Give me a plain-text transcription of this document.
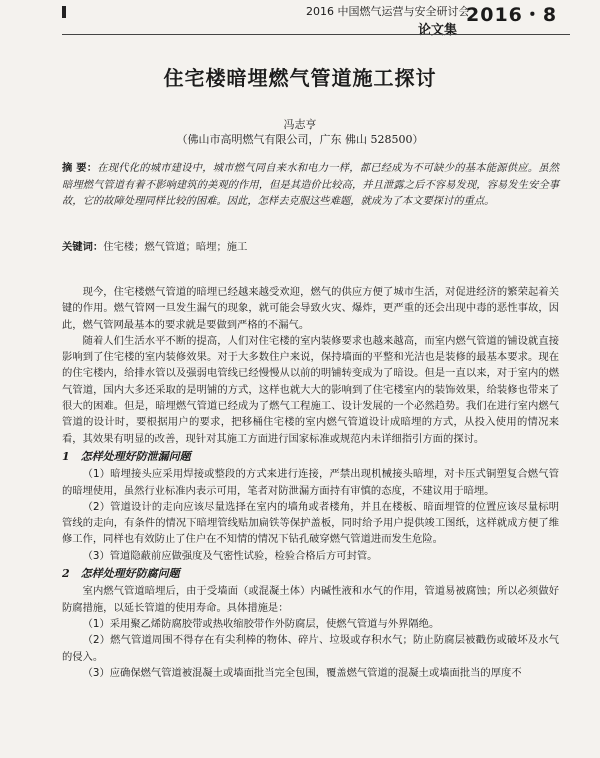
2016 中国燃气运营与安全研讨会
2016・8
论文集
住宅楼暗埋燃气管道施工探讨
冯志亨
（佛山市高明燃气有限公司，广东 佛山 528500）
摘 要：在现代化的城市建设中，城市燃气同自来水和电力一样，都已经成为不可缺少的基本能源供应。虽然暗埋燃气管道有着不影响建筑的美观的作用，但是其造价比较高，并且泄露之后不容易发现，容易发生安全事故，它的故障处理同样比较的困难。因此，怎样去克服这些难题，就成为了本文要探讨的重点。
关键词：住宅楼；燃气管道；暗埋；施工

现今，住宅楼燃气管道的暗埋已经越来越受欢迎，燃气的供应方便了城市生活，对促进经济的繁荣起着关键的作用。燃气管网一旦发生漏气的现象，就可能会导致火灾、爆炸，更严重的还会出现中毒的恶性事故，因此，燃气管网最基本的要求就是要做到严格的不漏气。

随着人们生活水平不断的提高，人们对住宅楼的室内装修要求也越来越高，而室内燃气管道的铺设就直接影响到了住宅楼的室内装修效果。对于大多数住户来说，保持墙面的平整和光洁也是装修的最基本要求。现在的住宅楼内，给排水管以及强弱电管线已经慢慢从以前的明铺转变成为了暗设。但是一直以来，对于室内的燃气管道，国内大多还采取的是明铺的方式，这样也就大大的影响到了住宅楼室内的装饰效果，给装修也带来了很大的困难。但是，暗埋燃气管道已经成为了燃气工程施工、设计发展的一个必然趋势。我们在进行室内燃气管道的设计时，要根据用户的要求，把移桶住宅楼的室内燃气管道设计成暗埋的方式，从投入使用的情况来看，其效果有明显的改善，现针对其施工方面进行国家标准或规范内未详细指引方面的探讨。

1　怎样处理好防泄漏问题

（1）暗埋接头应采用焊接或整段的方式来进行连接，严禁出现机械接头暗埋，对卡压式铜塑复合燃气管的暗埋使用，虽然行业标准内表示可用，笔者对防泄漏方面持有审慎的态度，不建议用于暗埋。

（2）管道设计的走向应该尽量选择在室内的墙角或者楼角，并且在楼板、暗面埋管的位置应该尽量标明管线的走向，有条件的情况下暗埋管线贴加扁铁等保护盖板，同时给予用户提供竣工图纸，这样就成方便了维修工作，同样也有效防止了住户在不知情的情况下钻孔破穿燃气管道进而发生危险。

（3）管道隐蔽前应做强度及气密性试验，检验合格后方可封管。

2　怎样处理好防腐问题

室内燃气管道暗埋后，由于受墙面（或混凝土体）内碱性液和水气的作用，管道易被腐蚀；所以必须做好防腐措施，以延长管道的使用寿命。具体措施是：

（1）采用聚乙烯防腐胶带或热收缩胶带作外防腐层，使燃气管道与外界隔绝。

（2）燃气管道周围不得存在有尖利棒的物体、碎片、垃圾或存积水气；防止防腐层被戳伤或破坏及水气的侵入。

（3）应确保燃气管道被混凝土或墙面批当完全包围，覆盖燃气管道的混凝土或墙面批当的厚度不
